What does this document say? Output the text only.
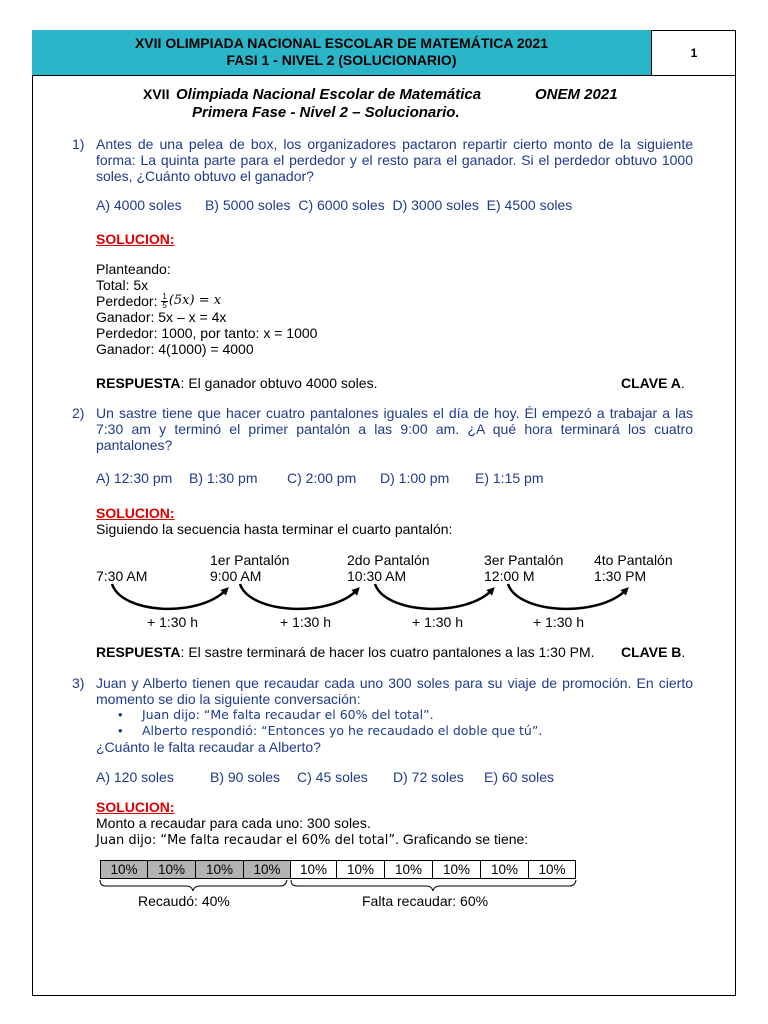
XVII OLIMPIADA NACIONAL ESCOLAR DE MATEMÁTICA 2021
FASI 1 - NIVEL 2 (SOLUCIONARIO)	1
XVII Olimpiada Nacional Escolar de Matemática	ONEM 2021
Primera Fase - Nivel 2 – Solucionario.
1) Antes de una pelea de box, los organizadores pactaron repartir cierto monto de la siguiente forma: La quinta parte para el perdedor y el resto para el ganador. Si el perdedor obtuvo 1000 soles, ¿Cuánto obtuvo el ganador?
A) 4000 soles      B) 5000 soles  C) 6000 soles  D) 3000 soles  E) 4500 soles
SOLUCION:
Planteando:
Total: 5x
Perdedor: $\frac{1}{5} (5x) = x$
Ganador: 5x – x = 4x
Perdedor: 1000, por tanto: x = 1000
Ganador: 4(1000) = 4000
RESPUESTA: El ganador obtuvo 4000 soles.	CLAVE A.
2) Un sastre tiene que hacer cuatro pantalones iguales el día de hoy. Él empezó a trabajar a las 7:30 am y terminó el primer pantalón a las 9:00 am. ¿A qué hora terminará los cuatro pantalones?
A) 12:30 pm B) 1:30 pm C) 2:00 pm D) 1:00 pm E) 1:15 pm
SOLUCION:
Siguiendo la secuencia hasta terminar el cuarto pantalón:
1er Pantalón	2do Pantalón	3er Pantalón 4to Pantalón
7:30 AM	9:00 AM	10:30 AM	12:00 M	1:30 PM
+ 1:30 h	+ 1:30 h	+ 1:30 h	+ 1:30 h
RESPUESTA: El sastre terminará de hacer los cuatro pantalones a las 1:30 PM. CLAVE B.
3) Juan y Alberto tienen que recaudar cada uno 300 soles para su viaje de promoción. En cierto momento se dio la siguiente conversación:
• Juan dijo: “Me falta recaudar el 60% del total”.
• Alberto respondió: “Entonces yo he recaudado el doble que tú”.
¿Cuánto le falta recaudar a Alberto?
A) 120 soles	B) 90 soles C) 45 soles D) 72 soles E) 60 soles
SOLUCION:
Monto a recaudar para cada uno: 300 soles.
Juan dijo: “Me falta recaudar el 60% del total”. Graficando se tiene:
10%	10%	10%	10%	10%	10%	10%	10%	10%	10%
Recaudó: 40%	Falta recaudar: 60%
